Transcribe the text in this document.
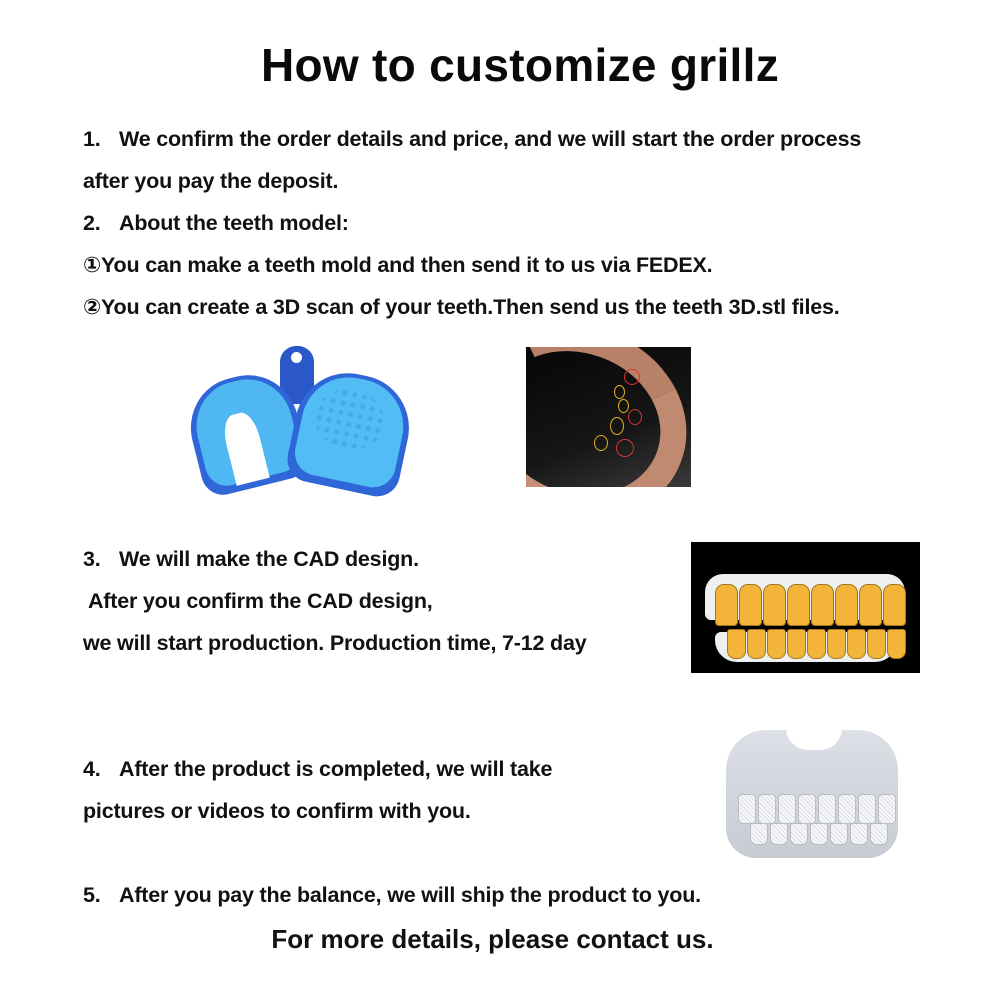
How to customize grillz
1. We confirm the order details and price, and we will start the order process
after you pay the deposit.
2. About the teeth model:
①You can make a teeth mold and then send it to us via FEDEX.
②You can create a 3D scan of your teeth.Then send us the teeth 3D.stl files.
3. We will make the CAD design.
After you confirm the CAD design,
we will start production. Production time, 7-12 day
4. After the product is completed, we will take
pictures or videos to confirm with you.
5. After you pay the balance, we will ship the product to you.
For more details, please contact us.
